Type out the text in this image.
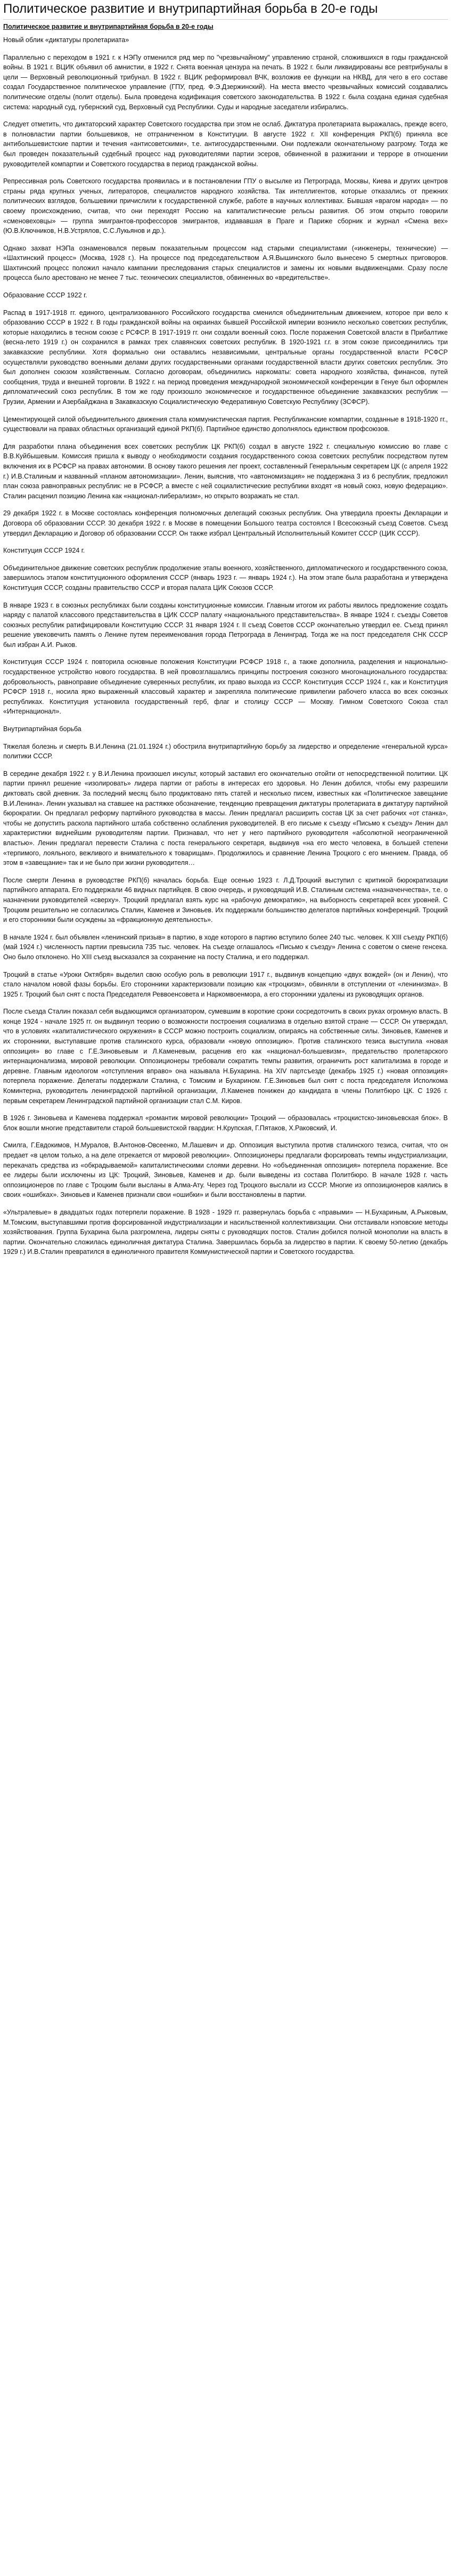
Политическое развитие и внутрипартийная борьба в 20-е годы
Политическое развитие и внутрипартийная борьба в 20-е годы

Новый облик «диктатуры пролетариата»

Параллельно с переходом в 1921 г. к НЭПу отменился ряд мер по "чрезвычайному" управлению страной, сложившихся в годы гражданской войны. В 1921 г. ВЦИК объявил об амнистии, в 1922 г. Снята военная цензура на печать. В 1922 г. были ликвидированы все ревтрибуналы в цели — Верховный революционный трибунал. В 1922 г. ВЦИК реформировал ВЧК, возложив ее функции на НКВД, для чего в его составе создал Государственное политическое управление (ГПУ, пред. Ф.Э.Дзержинский). На места вместо чрезвычайных комиссий создавались политические отделы (полит отделы). Была проведена кодификация советского законодательства. В 1922 г. была создана единая судебная система: народный суд, губернский суд, Верховный суд Республики. Суды и народные заседатели избирались.

Следует отметить, что диктаторский характер Советского государства при этом не ослаб. Диктатура пролетариата выражалась, прежде всего, в полновластии партии большевиков, не отграниченном в Конституции. В августе 1922 г. XII конференция РКП(б) приняла все антибольшевистские партии и течения «антисоветскими», т.е. антигосударственными. Они подлежали окончательному разгрому. Тогда же был проведен показательный судебный процесс над руководителями партии эсеров, обвиненной в разжигании и терроре в отношении руководителей компартии и Советского государства в период гражданской войны.

Репрессивная роль Советского государства проявилась и в постановлении ГПУ о высылке из Петрограда, Москвы, Киева и других центров страны ряда крупных ученых, литераторов, специалистов народного хозяйства. Так интеллигентов, которые отказались от прежних политических взглядов, большевики причислили к государственной службе, работе в научных коллективах. Бывшая «врагом народа» — по своему происхождению, считав, что они переходят Россию на капиталистические рельсы развития. Об этом открыто говорили «сменовеховцы» — группа эмигрантов-профессоров эмигрантов, издававшая в Праге и Париже сборник и журнал «Смена вех» (Ю.В.Ключников, Н.В.Устрялов, С.С.Лукьянов и др.).

Однако захват НЭПа ознаменовался первым показательным процессом над старыми специалистами («инженеры, технические) — «Шахтинский процесс» (Москва, 1928 г.). На процессе под председательством А.Я.Вышинского было вынесено 5 смертных приговоров. Шахтинский процесс положил начало кампании преследования старых специалистов и замены их новыми выдвиженцами. Сразу после процесса было арестовано не менее 7 тыс. технических специалистов, обвиненных во «вредительстве».

Образование СССР 1922 г.

Распад в 1917-1918 гг. единого, централизованного Российского государства сменился объединительным движением, которое при вело к образованию СССР в 1922 г. В годы гражданской войны на окраинах бывшей Российской империи возникло несколько советских республик, которые находились в тесном союзе с РСФСР. В 1917-1919 гг. они создали военный союз. После поражения Советской власти в Прибалтике (весна-лето 1919 г.) он сохранился в рамках трех славянских советских республик. В 1920-1921 г.г. в этом союзе присоединились три закавказские республики. Хотя формально они оставались независимыми, центральные органы государственной власти РСФСР осуществляли руководство военными делами других государственными органами государственной власти других советских республик. Это был дополнен союзом хозяйственным. Согласно договорам, объединились наркоматы: совета народного хозяйства, финансов, путей сообщения, труда и внешней торговли. В 1922 г. на период проведения международной экономической конференции в Генуе был оформлен дипломатический союз республик. В том же году произошло экономическое и государственное объединение закавказских республик — Грузии, Армении и Азербайджана в Закавказскую Социалистическую Федеративную Советскую Республику (ЗСФСР).

Цементирующей силой объединительного движения стала коммунистическая партия. Республиканские компартии, созданные в 1918-1920 гг., существовали на правах областных организаций единой РКП(б). Партийное единство дополнялось единством профсоюзов.

Для разработки плана объединения всех советских республик ЦК РКП(б) создал в августе 1922 г. специальную комиссию во главе с В.В.Куйбышевым. Комиссия пришла к выводу о необходимости создания государственного союза советских республик посредством путем включения их в РСФСР на правах автономии. В основу такого решения лег проект, составленный Генеральным секретарем ЦК (с апреля 1922 г.) И.В.Сталиным и названный «планом автономизации». Ленин, выяснив, что «автономизация» не поддержана 3 из 6 республик, предложил план союза равноправных республик: не в РСФСР, а вместе с ней социалистические республики входят «в новый союз, новую федерацию». Сталин расценил позицию Ленина как «национал-либерализм», но открыто возражать не стал.

29 декабря 1922 г. в Москве состоялась конференция полномочных делегаций союзных республик. Она утвердила проекты Декларации и Договора об образовании СССР. 30 декабря 1922 г. в Москве в помещении Большого театра состоялся I Всесоюзный съезд Советов. Съезд утвердил Декларацию и Договор об образовании СССР. Он также избрал Центральный Исполнительный Комитет СССР (ЦИК СССР).

Конституция СССР 1924 г.

Объединительное движение советских республик продолжение этапы военного, хозяйственного, дипломатического и государственного союза, завершилось этапом конституционного оформления СССР (январь 1923 г. — январь 1924 г.). На этом этапе была разработана и утверждена Конституция СССР, созданы правительство СССР и вторая палата ЦИК Союзов СССР.

В январе 1923 г. в союзных республиках были созданы конституционные комиссии. Главным итогом их работы явилось предложение создать наряду с палатой классового представительства в ЦИК СССР палату «национального представительства». В январе 1924 г. съезды Советов союзных республик ратифицировали Конституцию СССР. 31 января 1924 г. II съезд Советов СССР окончательно утвердил ее. Съезд принял решение увековечить память о Ленине путем переименования города Петрограда в Ленинград. Тогда же на пост председателя СНК СССР был избран А.И. Рыков.

Конституция СССР 1924 г. повторила основные положения Конституции РСФСР 1918 г., а также дополнила, разделения и национально-государственное устройство нового государства. В ней провозглашались принципы построения союзного многонационального государства: добровольность, равноправие объединение суверенных республик, их право выхода из СССР. Конституция СССР 1924 г., как и Конституция РСФСР 1918 г., носила ярко выраженный классовый характер и закрепляла политические привилегии рабочего класса во всех союзных республиках. Конституция установила государственный герб, флаг и столицу СССР — Москву. Гимном Советского Союза стал «Интернационал».

Внутрипартийная борьба

Тяжелая болезнь и смерть В.И.Ленина (21.01.1924 г.) обострила внутрипартийную борьбу за лидерство и определение «генеральной курса» политики СССР.

В середине декабря 1922 г. у В.И.Ленина произошел инсульт, который заставил его окончательно отойти от непосредственной политики. ЦК партии принял решение «изолировать» лидера партии от работы в интересах его здоровья. Но Ленин добился, чтобы ему разрешили диктовать свой дневник. За последний месяц было продиктовано пять статей и несколько писем, известных как «Политическое завещание В.И.Ленина». Ленин указывал на ставшее на растяжке обозначение, тенденцию превращения диктатуры пролетариата в диктатуру партийной бюрократии. Он предлагал реформу партийного руководства в массы. Ленин предлагал расширить состав ЦК за счет рабочих «от станка», чтобы не допустить раскола партийного штаба собственно ослабления руководителей. В его письме к съезду «Письмо к съезду» Ленин дал характеристики виднейшим руководителям партии. Признавал, что нет у него партийного руководителя «абсолютной неограниченной властью». Ленин предлагал перевести Сталина с поста генерального секретаря, выдвинув «на его место человека, в большей степени «терпимого, лояльного, вежливого и внимательного к товарищам». Продолжилось и сравнение Ленина Троцкого с его мнением. Правда, об этом в «завещание» так и не было при жизни руководителя…

После смерти Ленина в руководстве РКП(б) началась борьба. Еще осенью 1923 г. Л.Д.Троцкий выступил с критикой бюрократизации партийного аппарата. Его поддержали 46 видных партийцев. В свою очередь, и руководящий И.В. Сталиным система «назначенчества», т.е. о назначении руководителей «сверху». Троцкий предлагал взять курс на «рабочую демократию», на выборность секретарей всех уровней. С Троцким решительно не согласились Сталин, Каменев и Зиновьев. Их поддержали большинство делегатов партийных конференций. Троцкий и его сторонники были осуждены за «фракционную деятельность».

В начале 1924 г. был объявлен «ленинский призыв» в партию, в ходе которого в партию вступило более 240 тыс. человек. К XIII съезду РКП(б) (май 1924 г.) численность партии превысила 735 тыс. человек. На съезде оглашалось «Письмо к съезду» Ленина с советом о смене генсека. Оно было отклонено. Но ХIII съезд высказался за сохранение на посту Сталина, и его поддержал.

Троцкий в статье «Уроки Октября» выделил свою особую роль в революции 1917 г., выдвинув концепцию «двух вождей» (он и Ленин), что стало началом новой фазы борьбы. Его сторонники характеризовали позицию как «троцкизм», обвиняли в отступлении от «ленинизма». В 1925 г. Троцкий был снят с поста Председателя Реввоенсовета и Наркомвоенмора, а его сторонники удалены из руководящих органов.

После съезда Сталин показал себя выдающимся организатором, сумевшим в короткие сроки сосредоточить в своих руках огромную власть. В конце 1924 - начале 1925 гг. он выдвинул теорию о возможности построения социализма в отдельно взятой стране — СССР. Он утверждал, что в условиях «капиталистического окружения» в СССР можно построить социализм, опираясь на собственные силы. Зиновьев, Каменев и их сторонники, выступавшие против сталинского курса, образовали «новую оппозицию». Против сталинского тезиса выступила «новая оппозиция» во главе с Г.Е.Зиновьевым и Л.Каменевым, расценив его как «национал-большевизм», предательство пролетарского интернационализма, мировой революции. Оппозиционеры требовали сократить темпы развития, ограничить рост капитализма в городе и деревне. Главным идеологом «отступления вправо» она называла Н.Бухарина. На XIV партсъезде (декабрь 1925 г.) «новая оппозиция» потерпела поражение. Делегаты поддержали Сталина, с Томским и Бухарином. Г.Е.Зиновьев был снят с поста председателя Исполкома Коминтерна, руководитель ленинградской партийной организации, Л.Каменев понижен до кандидата в члены Политбюро ЦК. С 1926 г. первым секретарем Ленинградской партийной организации стал С.М. Киров.

В 1926 г. Зиновьева и Каменева поддержал «романтик мировой революции» Троцкий — образовалась «троцкистско-зиновьевская блок». В блок вошли многие представители старой большевистской гвардии: Н.Крупская, Г.Пятаков, Х.Раковский, И.

Смилга, Г.Евдокимов, Н.Муралов, В.Антонов-Овсеенко, М.Лашевич и др. Оппозиция выступила против сталинского тезиса, считая, что он предает «в целом только, а на деле отрекается от мировой революции». Оппозиционеры предлагали форсировать темпы индустриализации, перекачать средства из «обкрадываемой» капиталистическими слоями деревни. Но «объединенная оппозиция» потерпела поражение. Все ее лидеры были исключены из ЦК: Троцкий, Зиновьев, Каменев и др. были выведены из состава Политбюро. В начале 1928 г. часть оппозиционеров по главе с Троцким были высланы в Алма-Ату. Через год Троцкого выслали из СССР. Многие из оппозиционеров каялись в своих «ошибках». Зиновьев и Каменев признали свои «ошибки» и были восстановлены в партии.

«Ультралевые» в двадцатых годах потерпели поражение. В 1928 - 1929 гг. развернулась борьба с «правыми» — Н.Бухариным, А.Рыковым, М.Томским, выступавшими против форсированной индустриализации и насильственной коллективизации. Они отстаивали нэповские методы хозяйствования. Группа Бухарина была разгромлена, лидеры сняты с руководящих постов. Сталин добился полной монополии на власть в партии. Окончательно сложилась единоличная диктатура Сталина. Завершилась борьба за лидерство в партии. К своему 50-летию (декабрь 1929 г.) И.В.Сталин превратился в единоличного правителя Коммунистической партии и Советского государства.
